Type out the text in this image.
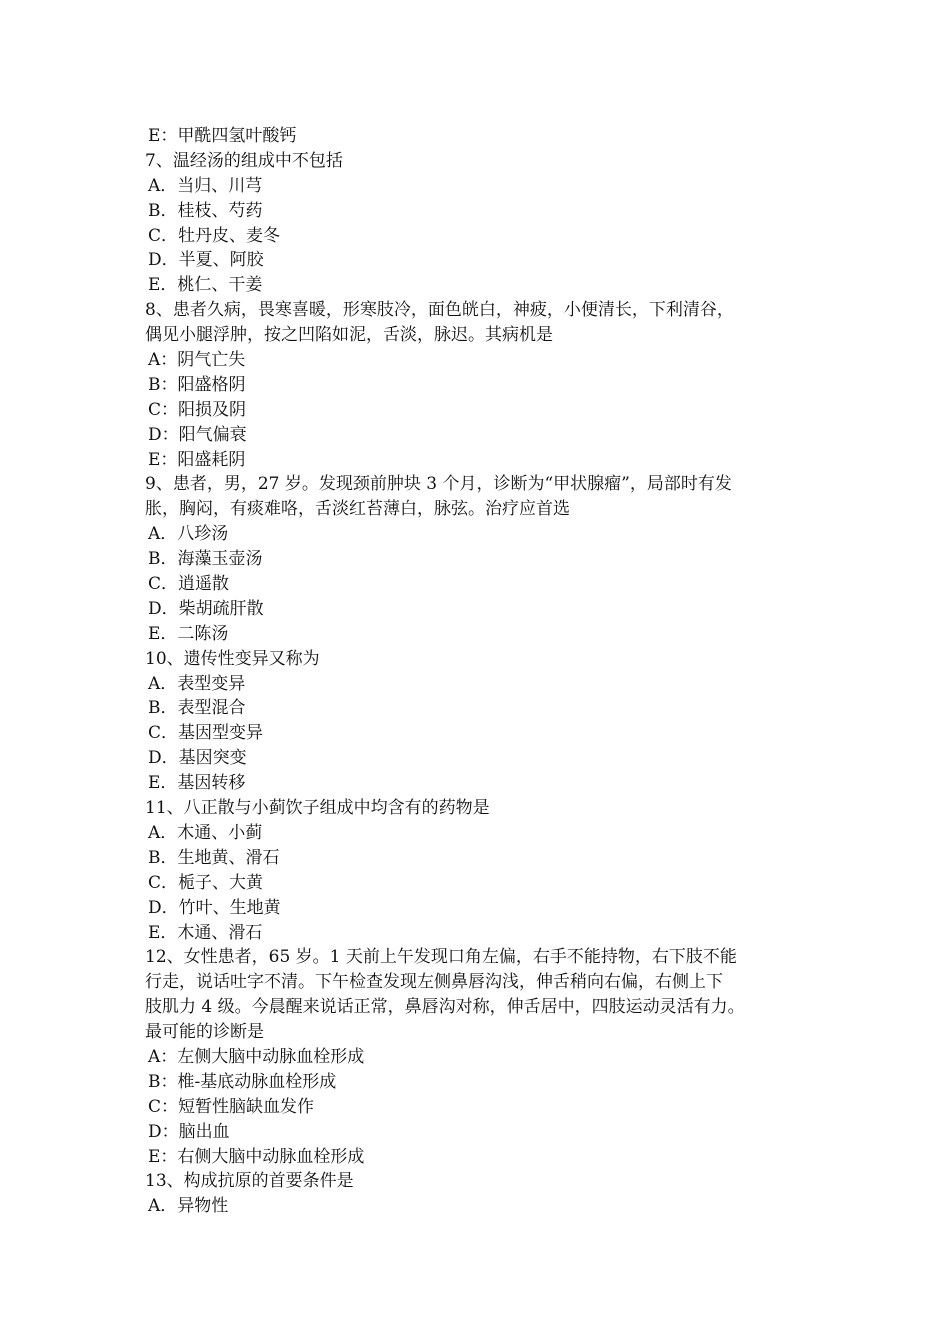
E：甲酰四氢叶酸钙
7、温经汤的组成中不包括
A．当归、川芎
B．桂枝、芍药
C．牡丹皮、麦冬
D．半夏、阿胶
E．桃仁、干姜
8、患者久病，畏寒喜暖，形寒肢冷，面色㿠白，神疲，小便清长，下利清谷，
偶见小腿浮肿，按之凹陷如泥，舌淡，脉迟。其病机是
A：阴气亡失
B：阳盛格阴
C：阳损及阴
D：阳气偏衰
E：阳盛耗阴
9、患者，男，27 岁。发现颈前肿块 3 个月，诊断为“甲状腺瘤”，局部时有发
胀，胸闷，有痰难咯，舌淡红苔薄白，脉弦。治疗应首选
A．八珍汤
B．海藻玉壶汤
C．逍遥散
D．柴胡疏肝散
E．二陈汤
10、遗传性变异又称为
A．表型变异
B．表型混合
C．基因型变异
D．基因突变
E．基因转移
11、八正散与小蓟饮子组成中均含有的药物是
A．木通、小蓟
B．生地黄、滑石
C．栀子、大黄
D．竹叶、生地黄
E．木通、滑石
12、女性患者，65 岁。1 天前上午发现口角左偏，右手不能持物，右下肢不能
行走，说话吐字不清。下午检查发现左侧鼻唇沟浅，伸舌稍向右偏，右侧上下
肢肌力 4 级。今晨醒来说话正常，鼻唇沟对称，伸舌居中，四肢运动灵活有力。
最可能的诊断是
A：左侧大脑中动脉血栓形成
B：椎-基底动脉血栓形成
C：短暂性脑缺血发作
D：脑出血
E：右侧大脑中动脉血栓形成
13、构成抗原的首要条件是
A．异物性
